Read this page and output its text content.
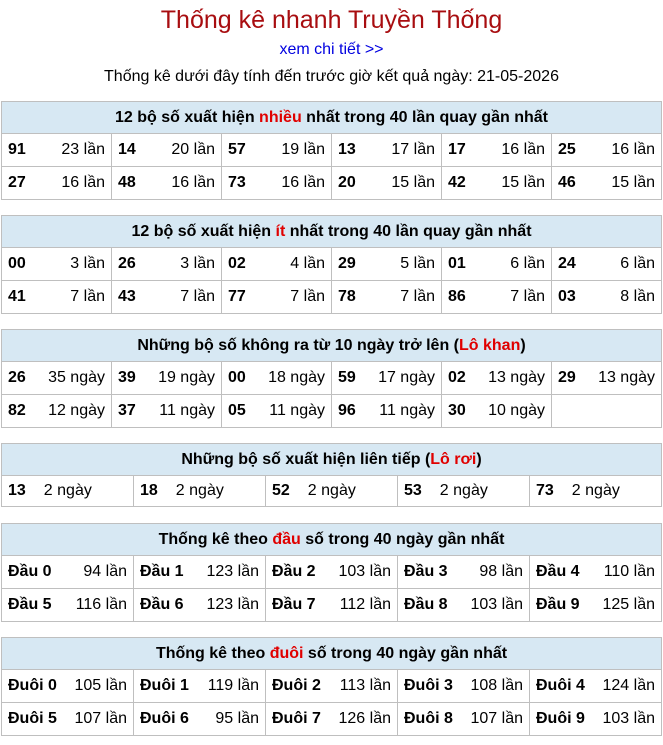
Thống kê nhanh Truyền Thống
xem chi tiết >>
Thống kê dưới đây tính đến trước giờ kết quả ngày: 21-05-2026
12 bộ số xuất hiện nhiều nhất trong 40 lần quay gần nhất					
91 23 lần	14 20 lần	57 19 lần	13 17 lần	17 16 lần	25 16 lần

27 16 lần	48 16 lần	73 16 lần	20 15 lần	42 15 lần	46 15 lần
12 bộ số xuất hiện ít nhất trong 40 lần quay gần nhất					
00 3 lần	26 3 lần	02 4 lần	29 5 lần	01 6 lần	24 6 lần

41 7 lần	43 7 lần	77 7 lần	78 7 lần	86 7 lần	03 8 lần
Những bộ số không ra từ 10 ngày trở lên (Lô khan)					
26 35 ngày	39 19 ngày	00 18 ngày	59 17 ngày	02 13 ngày	29 13 ngày

82 12 ngày	37 11 ngày	05 11 ngày	96 11 ngày	30 10 ngày	

Những bộ số xuất hiện liên tiếp (Lô rơi)
13 2 ngày	18 2 ngày	52 2 ngày	53 2 ngày	73 2 ngày
Thống kê theo đầu số trong 40 ngày gần nhất				
Đầu 0 94 lần	Đầu 1 123 lần	Đầu 2 103 lần	Đầu 3 98 lần	Đầu 4 110 lần

Đầu 5 116 lần	Đầu 6 123 lần	Đầu 7 112 lần	Đầu 8 103 lần	Đầu 9 125 lần
Thống kê theo đuôi số trong 40 ngày gần nhất				
Đuôi 0 105 lần	Đuôi 1 119 lần	Đuôi 2 113 lần	Đuôi 3 108 lần	Đuôi 4 124 lần

Đuôi 5 107 lần	Đuôi 6 95 lần	Đuôi 7 126 lần	Đuôi 8 107 lần	Đuôi 9 103 lần
